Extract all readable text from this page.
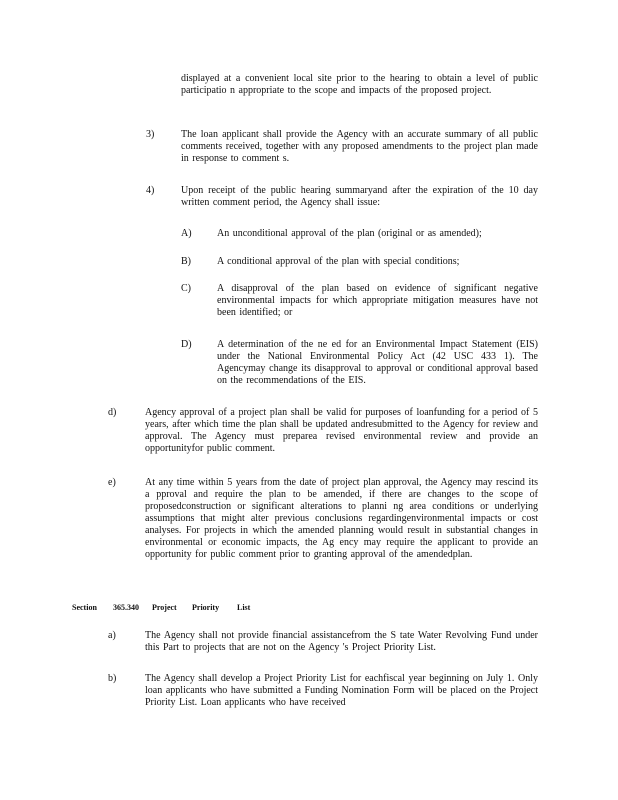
displayed at a convenient local site prior to the hearing to obtain a level of public participatio n appropriate to the scope and impacts of the proposed project.
3)	The loan applicant shall provide the Agency with an accurate summary of all public comments received, together with any proposed amendments to the project plan made in response to comment s.
4)	Upon receipt of the public hearing summaryand after the expiration of the 10 day written comment period, the Agency shall issue:
A)	An unconditional approval of the plan (original or as amended);
B)	A conditional approval of the plan with special conditions;
C)	A disapproval of the plan based on evidence of significant negative environmental impacts for which appropriate mitigation measures have not been identified; or
D)	A determination of the ne ed for an Environmental Impact Statement (EIS) under the National Environmental Policy Act (42 USC 433 1). The Agencymay change its disapproval to approval or conditional approval based on the recommendations of the EIS.
d)	Agency approval of a project plan shall be valid for purposes of loanfunding for a period of 5 years, after which time the plan shall be updated andresubmitted to the Agency for review and approval. The Agency must preparea revised environmental review and provide an opportunityfor public comment.
e)	At any time within 5 years from the date of project plan approval, the Agency may rescind its a pproval and require the plan to be amended, if there are changes to the scope of proposedconstruction or significant alterations to planni ng area conditions or underlying assumptions that might alter previous conclusions regardingenvironmental impacts or cost analyses. For projects in which the amended planning would result in substantial changes in environmental or economic impacts, the Ag ency may require the applicant to provide an opportunity for public comment prior to granting approval of the amendedplan.
Section 365.340 Project Priority List
a)	The Agency shall not provide financial assistancefrom the S tate Water Revolving Fund under this Part to projects that are not on the Agency 's Project Priority List.
b)	The Agency shall develop a Project Priority List for eachfiscal year beginning on July 1. Only loan applicants who have submitted a Funding Nomination Form will be placed on the Project Priority List. Loan applicants who have received
